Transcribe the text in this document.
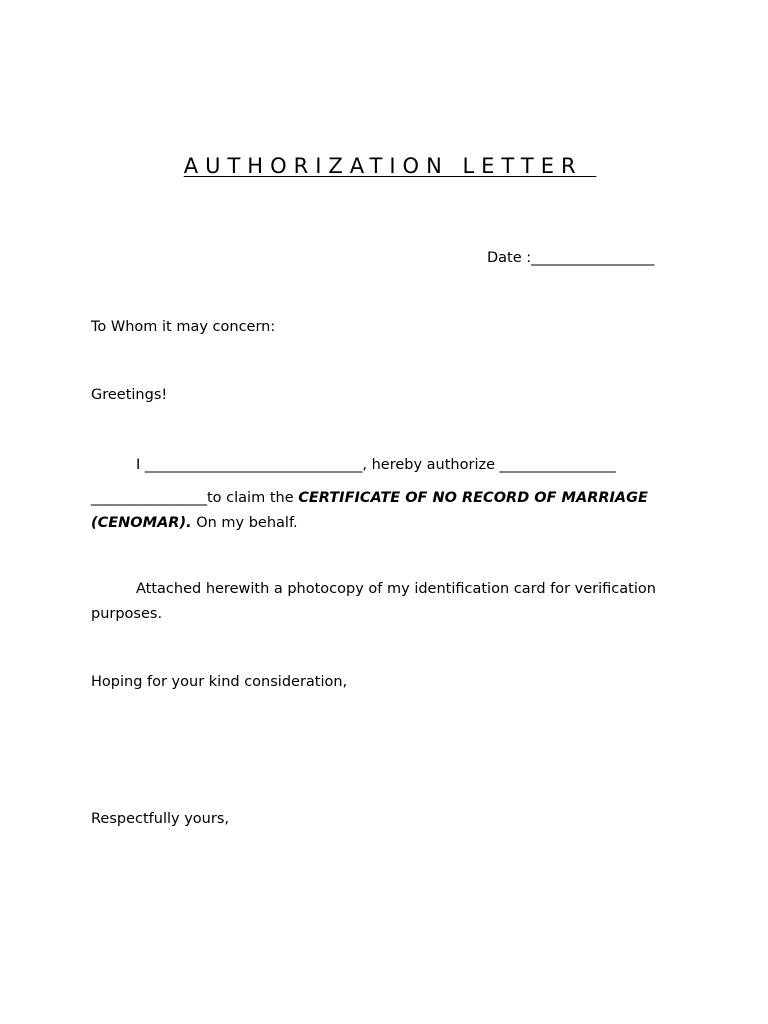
AUTHORIZATION LETTER
Date :_________________
To Whom it may concern:
Greetings!
I ______________________________, hereby authorize ________________
________________to claim the CERTIFICATE OF NO RECORD OF MARRIAGE
(CENOMAR). On my behalf.
Attached herewith a photocopy of my identification card for verification
purposes.
Hoping for your kind consideration,
Respectfully yours,
